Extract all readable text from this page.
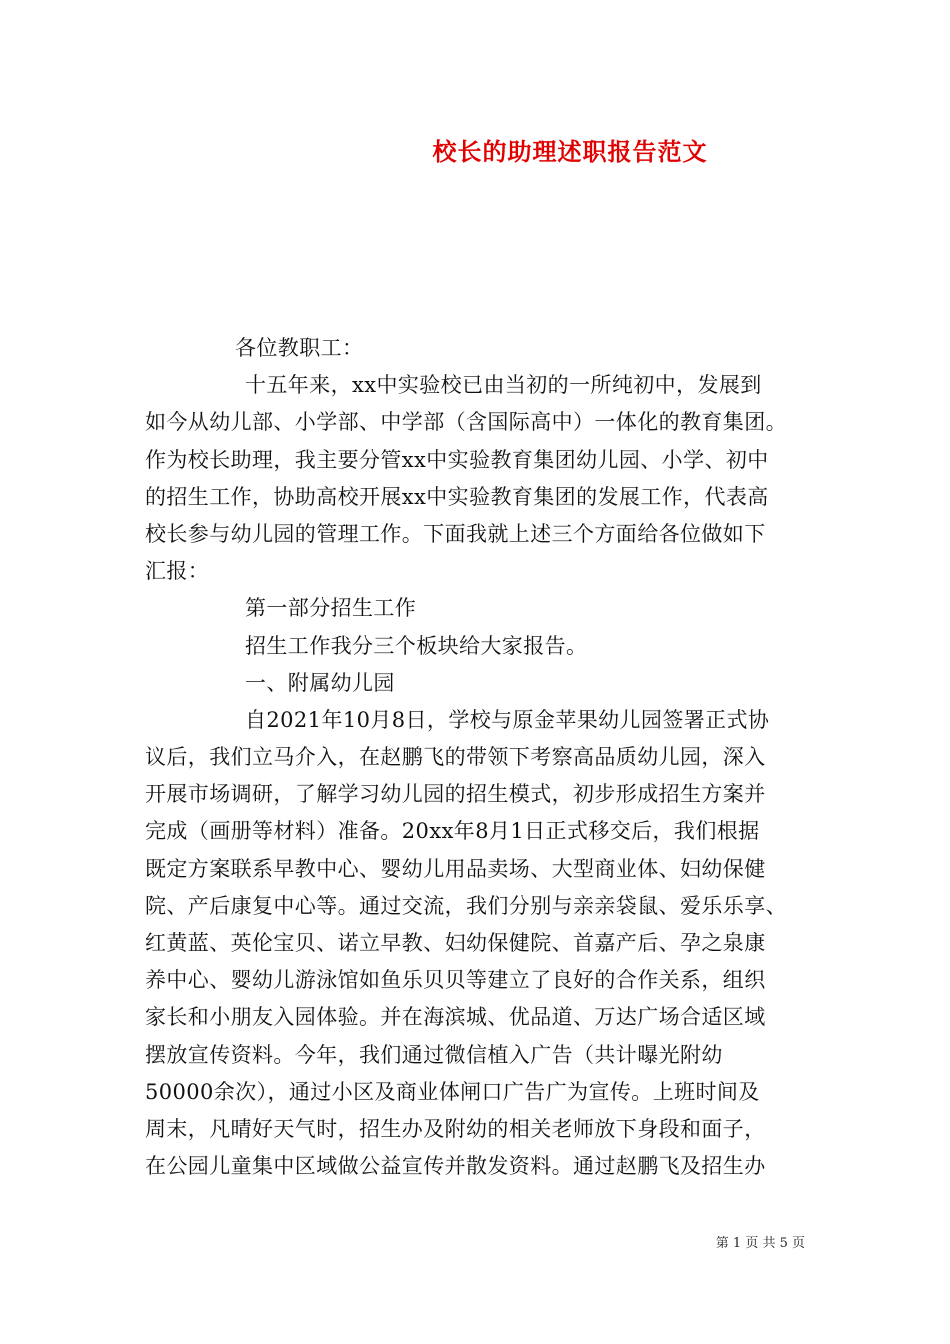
校长的助理述职报告范文
各位教职工：
十五年来，xx中实验校已由当初的一所纯初中，发展到
如今从幼儿部、小学部、中学部（含国际高中）一体化的教育集团。
作为校长助理，我主要分管xx中实验教育集团幼儿园、小学、初中
的招生工作，协助高校开展xx中实验教育集团的发展工作，代表高
校长参与幼儿园的管理工作。下面我就上述三个方面给各位做如下
汇报：
第一部分招生工作
招生工作我分三个板块给大家报告。
一、附属幼儿园
自2021年10月8日，学校与原金苹果幼儿园签署正式协
议后，我们立马介入，在赵鹏飞的带领下考察高品质幼儿园，深入
开展市场调研，了解学习幼儿园的招生模式，初步形成招生方案并
完成（画册等材料）准备。20xx年8月1日正式移交后，我们根据
既定方案联系早教中心、婴幼儿用品卖场、大型商业体、妇幼保健
院、产后康复中心等。通过交流，我们分别与亲亲袋鼠、爱乐乐享、
红黄蓝、英伦宝贝、诺立早教、妇幼保健院、首嘉产后、孕之泉康
养中心、婴幼儿游泳馆如鱼乐贝贝等建立了良好的合作关系，组织
家长和小朋友入园体验。并在海滨城、优品道、万达广场合适区域
摆放宣传资料。今年，我们通过微信植入广告（共计曝光附幼
50000余次），通过小区及商业体闸口广告广为宣传。上班时间及
周末，凡晴好天气时，招生办及附幼的相关老师放下身段和面子，
在公园儿童集中区域做公益宣传并散发资料。通过赵鹏飞及招生办
第 1 页 共 5 页
